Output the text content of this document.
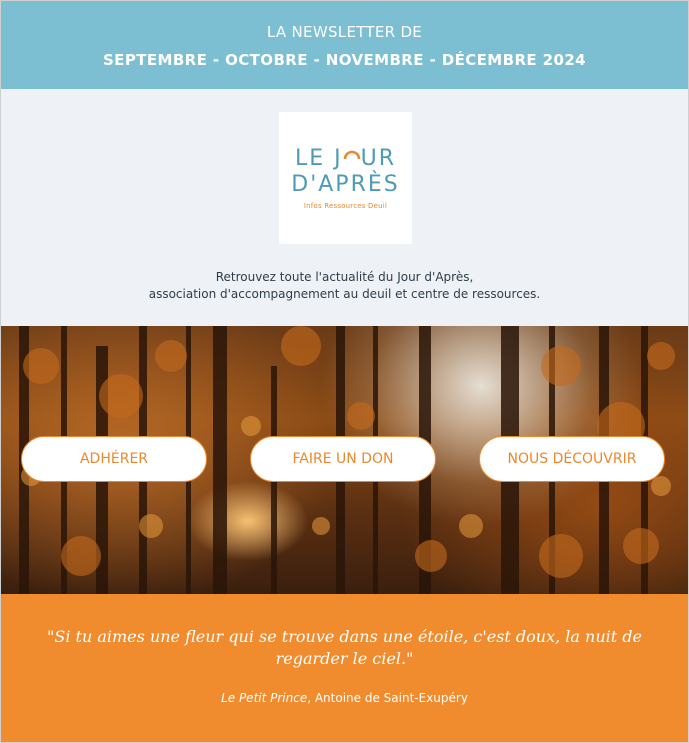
LA NEWSLETTER DE
SEPTEMBRE - OCTOBRE - NOVEMBRE - DÉCEMBRE 2024
LE J UR
D'APRÈS
Infos Ressources Deuil
Retrouvez toute l'actualité du Jour d'Après,
association d'accompagnement au deuil et centre de ressources.
ADHÉRER	FAIRE UN DON	NOUS DÉCOUVRIR
"Si tu aimes une fleur qui se trouve dans une étoile, c'est doux, la nuit de regarder le ciel."
Le Petit Prince, Antoine de Saint-Exupéry
